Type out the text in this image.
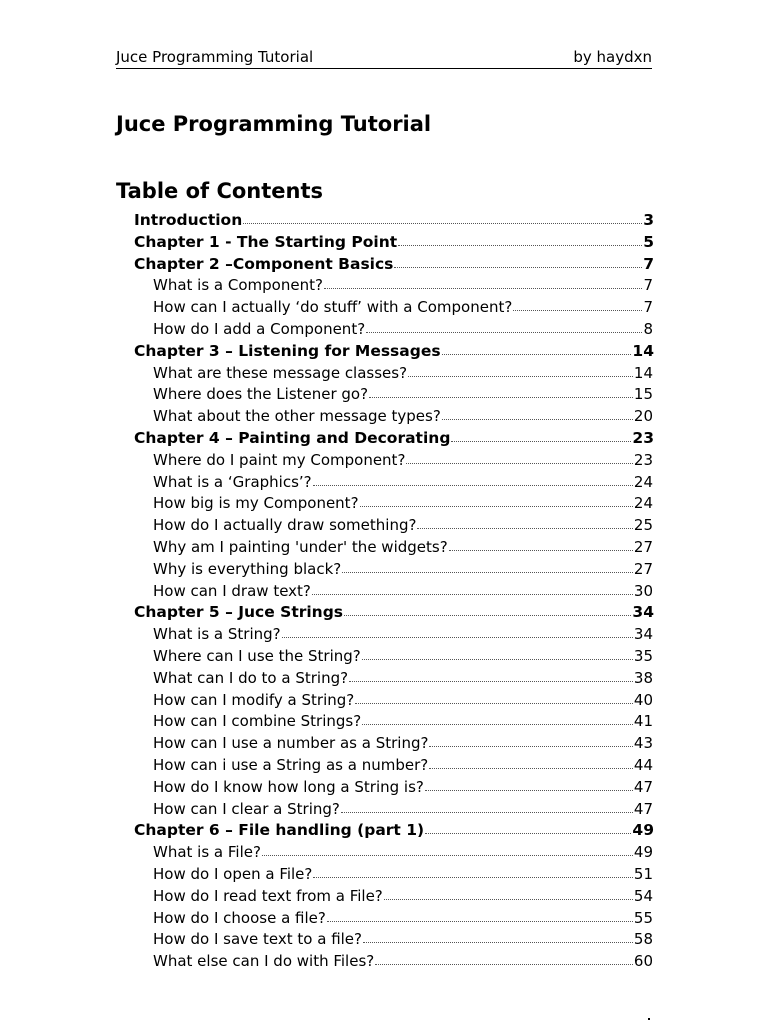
Juce Programming Tutorial	by haydxn
Juce Programming Tutorial
Table of Contents
Introduction	3
Chapter 1 - The Starting Point	5
Chapter 2 –Component Basics	7
What is a Component?	7
How can I actually ‘do stuff’ with a Component?	7
How do I add a Component?	8
Chapter 3 – Listening for Messages	14
What are these message classes?	14
Where does the Listener go?	15
What about the other message types?	20
Chapter 4 – Painting and Decorating	23
Where do I paint my Component?	23
What is a ‘Graphics’?	24
How big is my Component?	24
How do I actually draw something?	25
Why am I painting 'under' the widgets?	27
Why is everything black?	27
How can I draw text?	30
Chapter 5 – Juce Strings	34
What is a String?	34
Where can I use the String?	35
What can I do to a String?	38
How can I modify a String?	40
How can I combine Strings?	41
How can I use a number as a String?	43
How can i use a String as a number?	44
How do I know how long a String is?	47
How can I clear a String?	47
Chapter 6 – File handling (part 1)	49
What is a File?	49
How do I open a File?	51
How do I read text from a File?	54
How do I choose a file?	55
How do I save text to a file?	58
What else can I do with Files?	60
